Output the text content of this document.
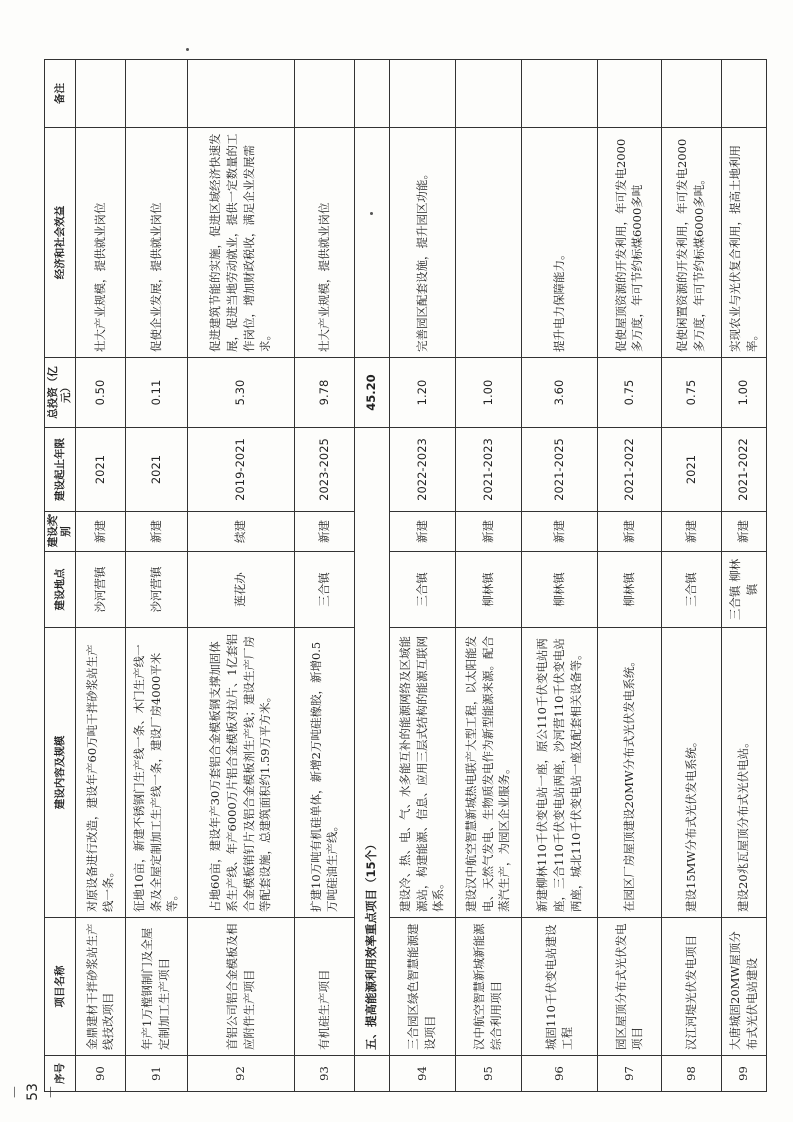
序号	项目名称	建设内容及规模	建设地点	建设类别	建设起止年限	总投资（亿元）	经济和社会效益	备注
90	金鼎建材干拌砂浆站生产线技改项目	对原设备进行改造，建设年产60万吨干拌砂浆站生产线一条。	沙河营镇	新建	2021	0.50	壮大产业规模，提供就业岗位	
91	年产1万樘钢制门及全屋定制加工生产项目	征地10亩，新建不锈钢门生产线一条、木门生产线一条及全屋定制加工生产线一条，建设厂房4000平米等。	沙河营镇	新建	2021	0.11	促使企业发展，提供就业岗位	
92	首铝公司铝合金模板及相应附件生产项目	占地60亩，建设年产30万套铝合金模板钢支撑加固体系生产线、年产6000万片铝合金模板对拉片、1亿套铝合金模板销钉片及铝合金模板剂生产线；建设生产厂房等配套设施，总建筑面积约1.59万平方米。	莲花办	续建	2019-2021	5.30	促进建筑节能的实施，促进区域经济快速发展，促进当地劳动就业，提供一定数量的工作岗位，增加财政税收，满足企业发展需求。	
93	有机硅生产项目	扩建10万吨有机硅单体，新增2万吨硅橡胶，新增0.5万吨硅油生产线。	三合镇	新建	2023-2025	9.78	壮大产业规模，提供就业岗位	
	五、提高能源利用效率重点项目（15个）					45.20		
94	三合园区绿色智慧能源建设项目	建设冷、热、电、气、水多能互补的能源网络及区域能源站，构建能源、信息、应用三层式结构的能源互联网体系。	三合镇	新建	2022-2023	1.20	完善园区配套设施，提升园区功能。	
95	汉中航空智慧新城新能源综合利用项目	建设汉中航空智慧新城热电联产大型工程，以太阳能发电、天然气发电、生物质发电作为新型能源来源。配合蒸汽生产，为园区企业服务。	柳林镇	新建	2021-2023	1.00		
96	城固110千伏变电站建设工程	新建柳林110千伏变电站一座，原公110千伏变电站两座，三合110千伏变电站两座，沙河营110千伏变电站两座，城北110千伏变电站一座及配套相关设备等。	柳林镇	新建	2021-2025	3.60	提升电力保障能力。	
97	园区屋顶分布式光伏发电项目	在园区厂房屋顶建设20MW分布式光伏发电系统。	柳林镇	新建	2021-2022	0.75	促使屋顶资源的开发利用，年可发电2000多万度，年可节约标煤6000多吨	
98	汉江河堤光伏发电项目	建设15MW分布式光伏发电系统。	三合镇	新建	2021	0.75	促使闲置资源的开发利用，年可发电2000多万度，年可节约标煤6000多吨。	
99	大唐城固20MW屋顶分布式光伏电站建设	建设20兆瓦屋顶分布式光伏电站。	三合镇 柳林镇	新建	2021-2022	1.00	实现农业与光伏复合利用，提高土地利用率。	
－ 53 －
